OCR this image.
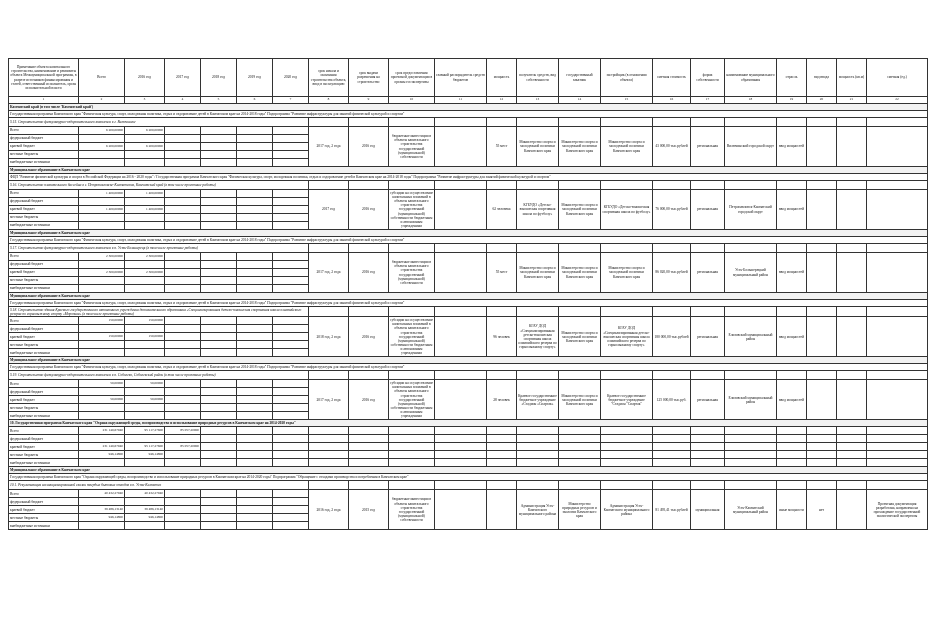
Примечание объекта капитального строительства, наименование и реквизиты объекта Межмуниципальной программы, в разрезе источников финансирования и статей, ответственный исполнитель, орган исполнительной власти	Всего	2016 год	2017 год	2018 год	2019 год	2020 год	срок начала и окончания строительства объекта, ввод в эксплуатацию	срок выдачи разрешения на строительство	срок предоставления проектной документации в органы госэкспертизы	главный распорядитель средств бюджетов	мощность	получатель средств, вид собственности	государственный заказчик	застройщик (в отношении объекта)	сметная стоимость	форма собственности	наименование муниципального образования	отрасль	вид ввода	мощность (кв.м)	сметная (ед.)
1	2	3	4	5	6	7	8	9	10	11	12	13	14	15	16	17	18	19	20	21	22
Камчатский край (в том числе 'Камчатский край')																					
Государственная программа Камчатского края "Физическая культура, спорт, молодежная политика, отдых и оздоровление детей в Камчатском крае на 2014-2018 годы" Подпрограмма "Развитие инфраструктуры для занятий физической культурой и спортом"																					
5.15. Строительство физкультурно-оздоровительного комплекса в г. Вилючинске																					
Всего	6 200,00000	6 200,00000					2017 год, 2 года	2016 год	бюджетные инвестиции в объекты капитального строительства государственной (муниципальной) собственности		55 мест	Министерство спорта и молодежной политики Камчатского края	Министерство спорта и молодежной политики Камчатского края	Министерство спорта и молодежной политики Камчатского края	43 000,00 тыс.рублей	региональная	Вилючинский городской округ	ввод мощностей			
федеральный бюджет																					
краевой бюджет	6 200,00000	6 200,00000																			
местные бюджеты																					
внебюджетные источники																					
Муниципальное образование в Камчатском крае																					
ФЦП "Развитие физической культуры и спорта в Российской Федерации на 2016 - 2020 годы" / Государственная программа Камчатского края "Физическая культура, спорт, молодежная политика, отдых и оздоровление детей в Камчатском крае на 2014-2018 годы" Подпрограмма "Развитие инфраструктуры для занятий физической культурой и спортом"																					
5.16. Строительство плавательного бассейна в г. Петропавловске-Камчатском, Камчатский край (в том числе проектные работы)																					
Всего	1 400,00000	1 400,00000					2017 год	2016 год	субсидии на осуществление капитальных вложений в объекты капитального строительства государственной (муниципальной) собственности бюджетным и автономным учреждениям		62 человека	КГБУДО «Детско-юношеская спортивная школа по футболу»	Министерство спорта и молодежной политики Камчатского края	КГБУДО «Детско-юношеская спортивная школа по футболу»	76 000,00 тыс.рублей	региональная	Петропавловск-Камчатский городской округ	ввод мощностей			
федеральный бюджет																					
краевой бюджет	1 400,00000	1 400,00000																			
местные бюджеты																					
внебюджетные источники																					
Муниципальное образование в Камчатском крае																					
Государственная программа Камчатского края "Физическая культура, спорт, молодежная политика, отдых и оздоровление детей в Камчатском крае на 2014-2018 годы" Подпрограмма "Развитие инфраструктуры для занятий физической культурой и спортом"																					
5.17. Строительство физкультурно-оздоровительного комплекса в п. Усть-Большерецк (в том числе проектные работы)																					
Всего	2 300,00000	2 300,00000					2017 год, 2 года	2016 год	бюджетные инвестиции в объекты капитального строительства государственной (муниципальной) собственности		55 мест	Министерство спорта и молодежной политики Камчатского края	Министерство спорта и молодежной политики Камчатского края	Министерство спорта и молодежной политики Камчатского края	86 020,00 тыс.рублей	региональная	Усть-Большерецкий муниципальный район	ввод мощностей			
федеральный бюджет																					
краевой бюджет	2 300,00000	2 300,00000																			
местные бюджеты																					
внебюджетные источники																					
Муниципальное образование в Камчатском крае																					
Государственная программа Камчатского края "Физическая культура, спорт, молодежная политика, отдых и оздоровление детей в Камчатском крае на 2014-2018 годы" Подпрограмма "Развитие инфраструктуры для занятий физической культурой и спортом"																					
5.18. Строительство здания Краевого государственного автономного учреждения дополнительного образования «Специализированная детско-юношеская спортивная школа олимпийского резерва по горнолыжному спорту «Морозная» (в том числе проектные работы)																					
Всего	150,00000	150,00000					2018 год, 2 года	2016 год	субсидии на осуществление капитальных вложений в объекты капитального строительства государственной (муниципальной) собственности бюджетным и автономным учреждениям		96 человек	КГАУ ДОД «Специализированная детско-юношеская спортивная школа олимпийского резерва по горнолыжному спорту»	Министерство спорта и молодежной политики Камчатского края	КГАУ ДОД «Специализированная детско-юношеская спортивная школа олимпийского резерва по горнолыжному спорту»	180 000,00 тыс.рублей	региональная	Елизовский муниципальный район	ввод мощностей			
федеральный бюджет																					
краевой бюджет	150,00000	150,00000																			
местные бюджеты																					
внебюджетные источники																					
Муниципальное образование в Камчатском крае																					
Государственная программа Камчатского края "Физическая культура, спорт, молодежная политика, отдых и оздоровление детей в Камчатском крае на 2014-2018 годы" Подпрограмма "Развитие инфраструктуры для занятий физической культурой и спортом"																					
5.19. Строительство физкультурно-оздоровительного комплекса в п. Соболево, Соболевский район (в том числе проектные работы)																					
Всего	50,00000	50,00000					2017 год, 2 года	2016 год	субсидии на осуществление капитальных вложений в объекты капитального строительства государственной (муниципальной) собственности бюджетным и автономным учреждениям		28 человек	Краевое государственное бюджетное учреждение «Стадион «Спартак»	Министерство спорта и молодежной политики Камчатского края	Краевое государственное бюджетное учреждение "Стадион "Спартак"	125 000,00 тыс.руб.	региональная	Елизовский муниципальный район	ввод мощностей			
федеральный бюджет																					
краевой бюджет	50,00000	50,00000																			
местные бюджеты																					
внебюджетные источники																					
10. Государственная программа Камчатского края "Охрана окружающей среды, воспроизводство и использование природных ресурсов в Камчатском крае на 2014-2020 годы"																					
Всего	231 140,67940	95 117,27600	85 057,20900																		
федеральный бюджет																					
краевой бюджет	231 140,67940	95 117,27600	85 057,20900																		
местные бюджеты	946,14800	946,14800																			
внебюджетные источники																					
Муниципальное образование в Камчатском крае																					
Государственная программа Камчатского края "Охрана окружающей среды, воспроизводство и использование природных ресурсов в Камчатском крае на 2014-2020 годы" Подпрограмма "Обращение с отходами производства и потребления в Камчатском крае"																					
10.1. Рекультивация несанкционированной свалки твердых бытовых отходов в п. Усть-Камчатск																					
Всего	40 432,27940	40 432,27940					2016 год, 2 года	2015 год	бюджетные инвестиции в объекты капитального строительства государственной (муниципальной) собственности			Администрация Усть-Камчатского муниципального района	Министерство природных ресурсов и экологии Камчатского края	Администрация Усть-Камчатского муниципального района	81 495,41 тыс.рублей	муниципальная	Усть-Камчатский муниципальный район	иные мощности	нет		Проектная документация разработана, направлена на прохождение государственной экологической экспертизы
федеральный бюджет																					
краевой бюджет	39 486,13140	39 486,13140																			
местные бюджеты	946,14800	946,14800																			
внебюджетные источники																					
